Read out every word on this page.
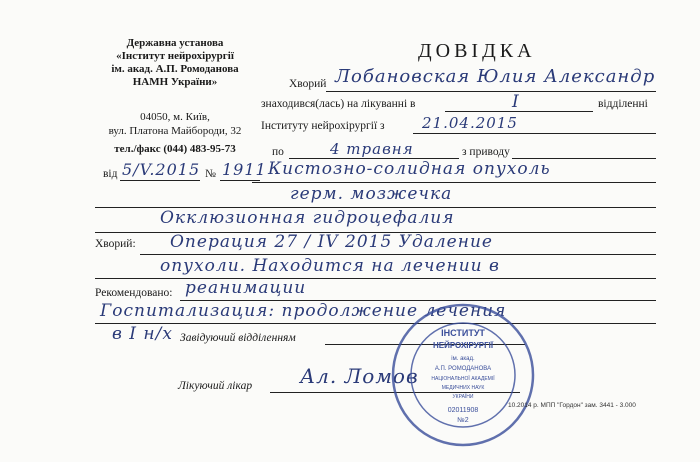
Державна установа
«Інститут нейрохірургії
ім. акад. А.П. Ромоданова
НАМН України»
04050, м. Київ,
вул. Платона Майбороди, 32
тел./факс (044) 483-95-73
від 5/V.2015 № 1911
ДОВІДКА
Хворий Лобановская Юлия Александр
знаходився(лась) на лікуванні в	I	відділенні
Інституту нейрохірургії з 21.04.2015
по	4 травня	з приводу
Кистозно-солидная опухоль
герм. мозжечка
Окклюзионная гидроцефалия
Хворий: Операция 27 / IV 2015 Удаление
опухоли. Находится на лечении в
Рекомендовано: реанимации
Госпитализация: продолжение лечения
в I н/х Завідуючий відділенням
Лікуючий лікар Ал. Ломов
ІНСТИТУТ
НЕЙРОХІРУРГІЇ
ім. акад.
А.П. РОМОДАНОВА
НАЦІОНАЛЬНОЇ АКАДЕМІЇ
МЕДИЧНИХ НАУК
УКРАЇНИ
02011908
№2
10.2014 р. МПП "Гордон" зам. 3441 - 3.000
